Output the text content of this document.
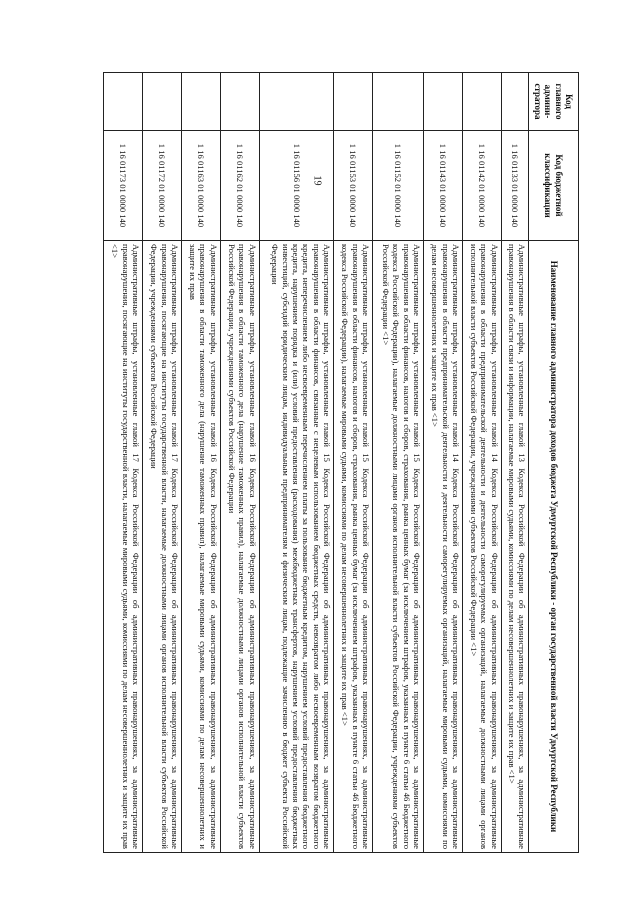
19
Код главного админи-стратора	Код бюджетной классификации	Наименование главного администратора доходов бюджета Удмуртской Республики - орган государственной власти Удмуртской Республики
	1 16 01133 01 0000 140	Административные штрафы, установленные главой 13 Кодекса Российской Федерации об административных правонарушениях, за административные правонарушения в области связи и информации, налагаемые мировыми судьями, комиссиями по делам несовершеннолетних и защите их прав <1>
	1 16 01142 01 0000 140	Административные штрафы, установленные главой 14 Кодекса Российской Федерации об административных правонарушениях, за административные правонарушения в области предпринимательской деятельности и деятельности саморегулируемых организаций, налагаемые должностными лицами органов исполнительной власти субъектов Российской Федерации, учреждениями субъектов Российской Федерации <1>
	1 16 01143 01 0000 140	Административные штрафы, установленные главой 14 Кодекса Российской Федерации об административных правонарушениях, за административные правонарушения в области предпринимательской деятельности и деятельности саморегулируемых организаций, налагаемые мировыми судьями, комиссиями по делам несовершеннолетних и защите их прав <1>
	1 16 01152 01 0000 140	Административные штрафы, установленные главой 15 Кодекса Российской Федерации об административных правонарушениях, за административные правонарушения в области финансов, налогов и сборов, страхования, рынка ценных бумаг (за исключением штрафов, указанных в пункте 6 статьи 46 Бюджетного кодекса Российской Федерации), налагаемые должностными лицами органов исполнительной власти субъектов Российской Федерации, учреждениями субъектов Российской Федерации <1>
	1 16 01153 01 0000 140	Административные штрафы, установленные главой 15 Кодекса Российской Федерации об административных правонарушениях, за административные правонарушения в области финансов, налогов и сборов, страхования, рынка ценных бумаг (за исключением штрафов, указанных в пункте 6 статьи 46 Бюджетного кодекса Российской Федерации), налагаемые мировыми судьями, комиссиями по делам несовершеннолетних и защите их прав <1>
	1 16 01156 01 0000 140	Административные штрафы, установленные главой 15 Кодекса Российской Федерации об административных правонарушениях, за административные правонарушения в области финансов, связанные с нецелевым использованием бюджетных средств, невозвратом либо несвоевременным возвратом бюджетного кредита, неперечислением либо несвоевременным перечислением платы за пользование бюджетным кредитом, нарушением условий предоставления бюджетного кредита, нарушением порядка и (или) условий предоставления (расходования) межбюджетных трансфертов, нарушением условий предоставления бюджетных инвестиций, субсидий юридическим лицам, индивидуальным предпринимателям и физическим лицам, подлежащие зачислению в бюджет субъекта Российской Федерации
	1 16 01162 01 0000 140	Административные штрафы, установленные главой 16 Кодекса Российской Федерации об административных правонарушениях, за административные правонарушения в области таможенного дела (нарушение таможенных правил), налагаемые должностными лицами органов исполнительной власти субъектов Российской Федерации, учреждениями субъектов Российской Федерации
	1 16 01163 01 0000 140	Административные штрафы, установленные главой 16 Кодекса Российской Федерации об административных правонарушениях, за административные правонарушения в области таможенного дела (нарушение таможенных правил), налагаемые мировыми судьями, комиссиями по делам несовершеннолетних и защите их прав
	1 16 01172 01 0000 140	Административные штрафы, установленные главой 17 Кодекса Российской Федерации об административных правонарушениях, за административные правонарушения, посягающие на институты государственной власти, налагаемые должностными лицами органов исполнительной власти субъектов Российской Федерации, учреждениями субъектов Российской Федерации
	1 16 01173 01 0000 140	Административные штрафы, установленные главой 17 Кодекса Российской Федерации об административных правонарушениях, за административные правонарушения, посягающие на институты государственной власти, налагаемые мировыми судьями, комиссиями по делам несовершеннолетних и защите их прав <1>
